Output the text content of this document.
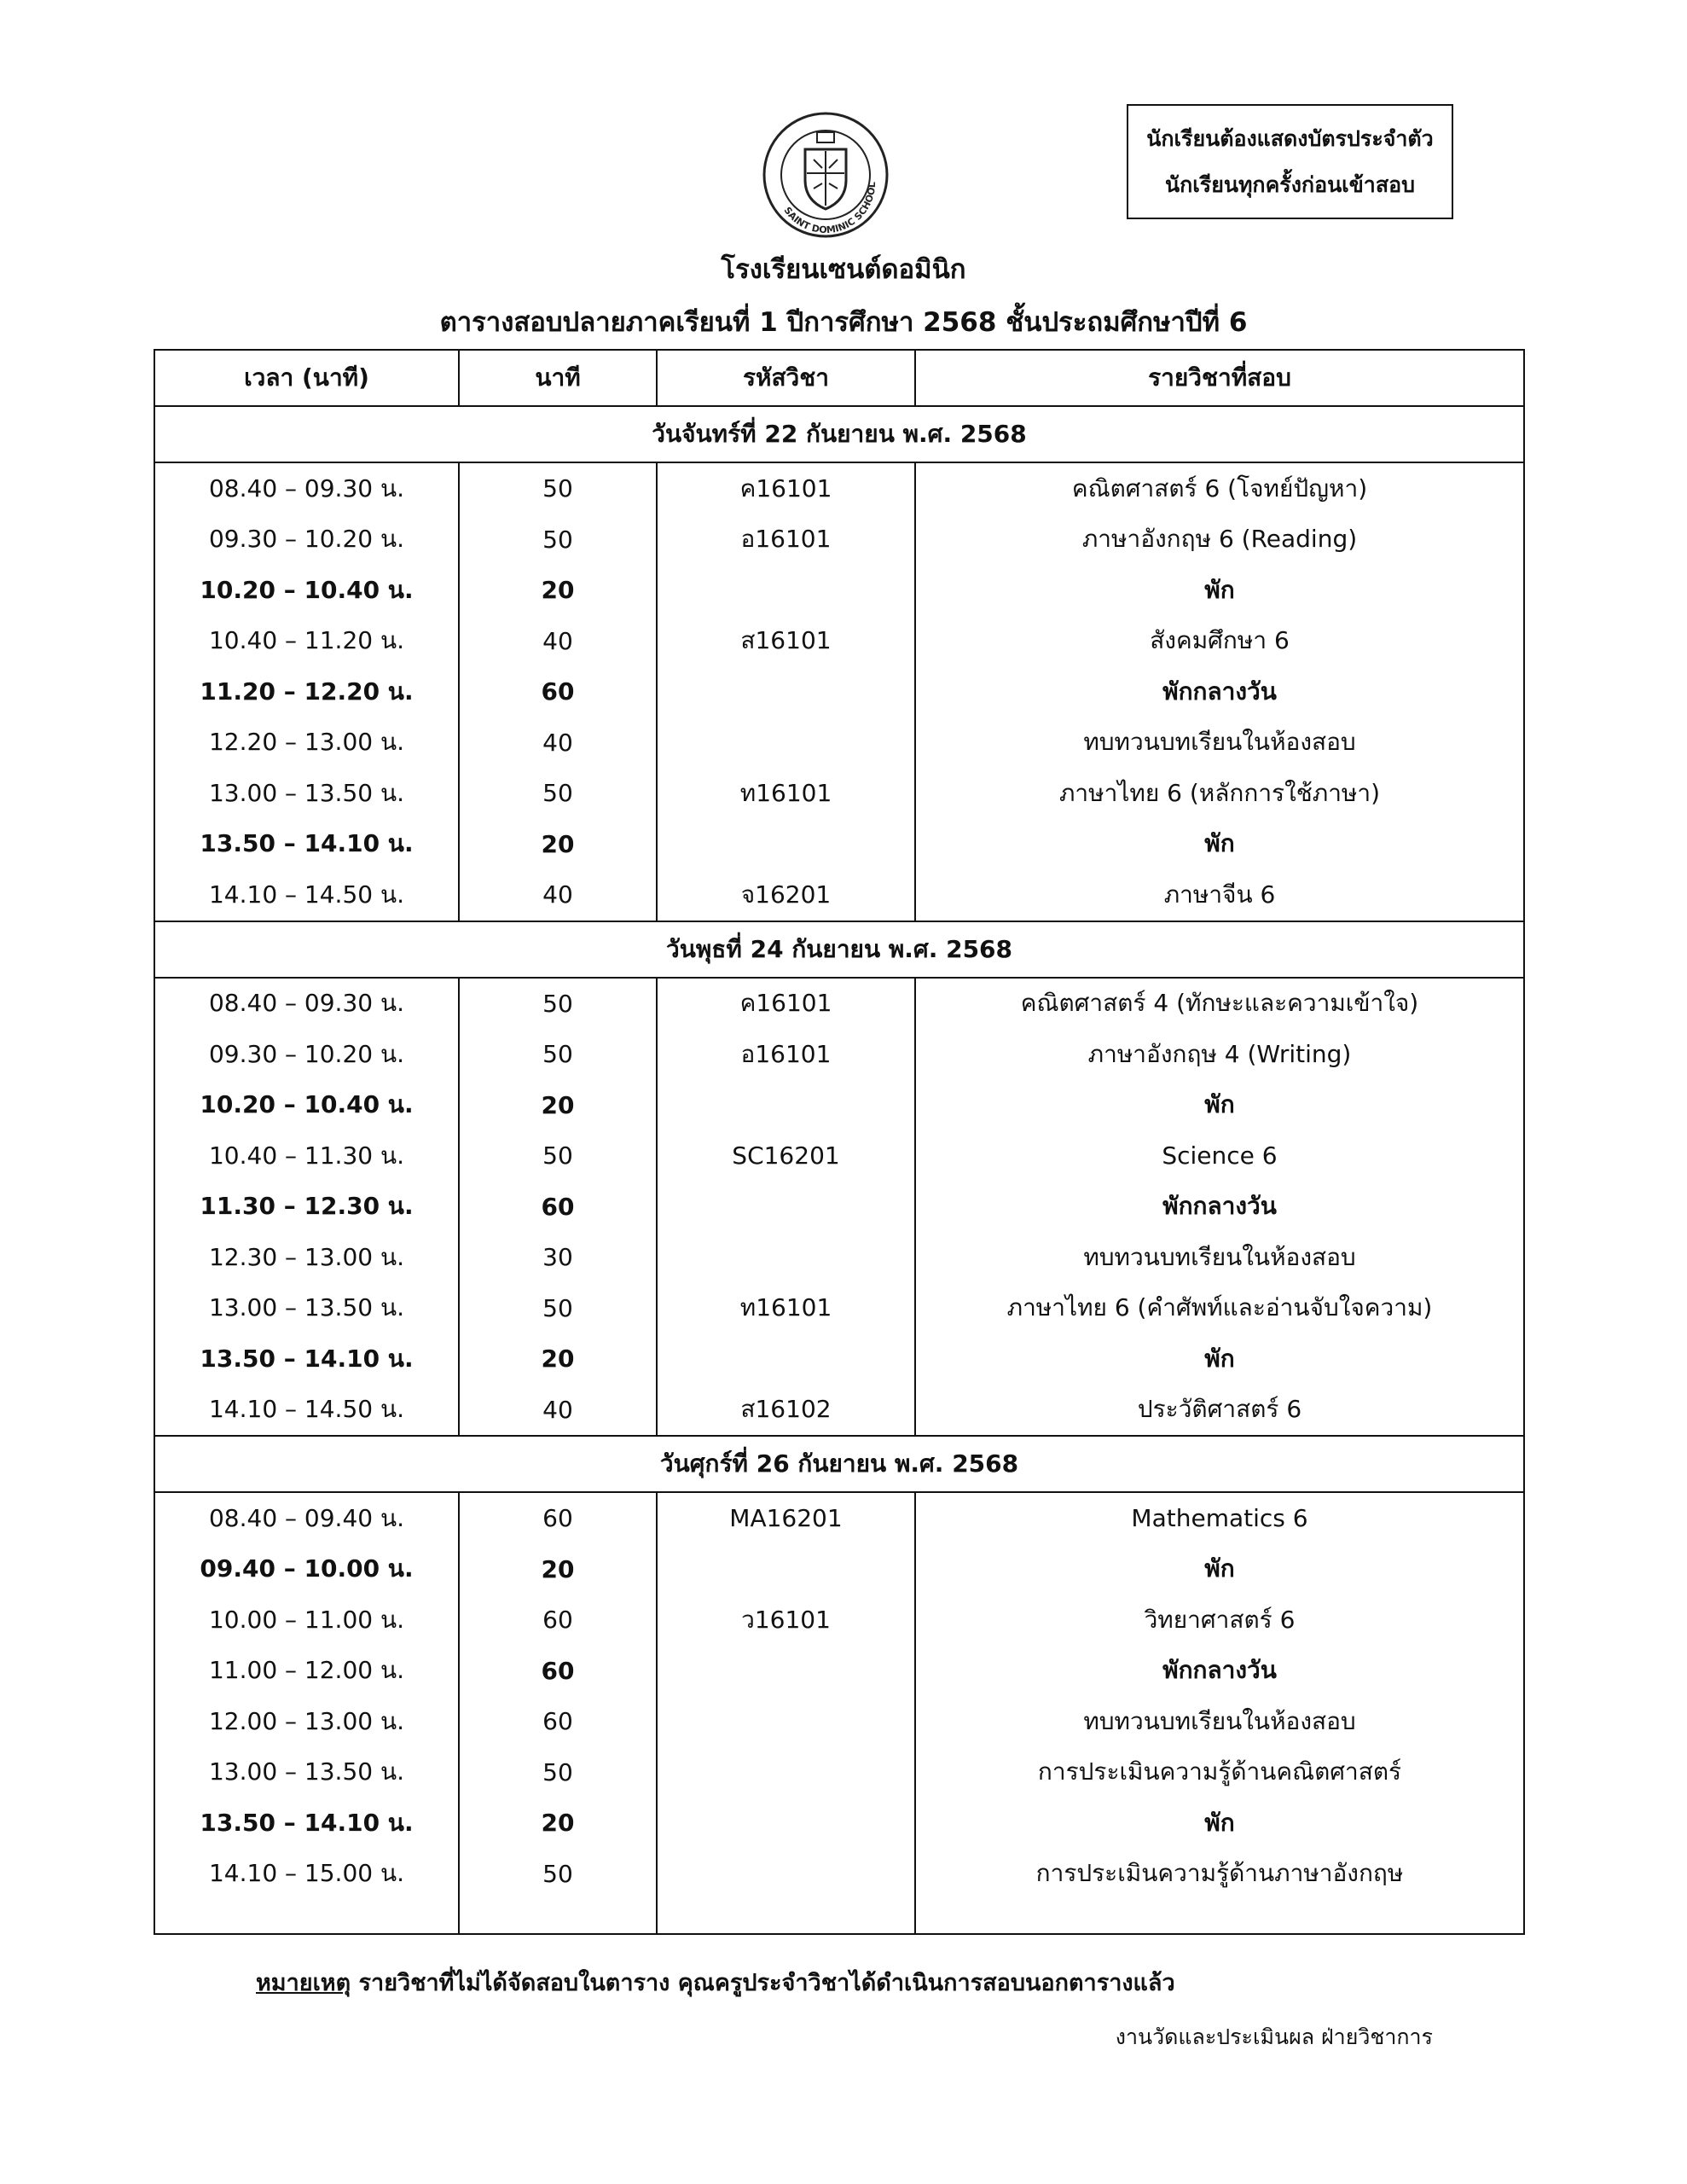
นักเรียนต้องแสดงบัตรประจำตัว
นักเรียนทุกครั้งก่อนเข้าสอบ
SAINT DOMINIC SCHOOL
โรงเรียนเซนต์ดอมินิก
ตารางสอบปลายภาคเรียนที่ 1 ปีการศึกษา 2568 ชั้นประถมศึกษาปีที่ 6
เวลา (นาที)	นาที	รหัสวิชา	รายวิชาที่สอบ
วันจันทร์ที่ 22 กันยายน พ.ศ. 2568			
08.40 – 09.30 น.	50	ค16101	คณิตศาสตร์ 6 (โจทย์ปัญหา)
09.30 – 10.20 น.	50	อ16101	ภาษาอังกฤษ 6 (Reading)
10.20 – 10.40 น.	20		พัก
10.40 – 11.20 น.	40	ส16101	สังคมศึกษา 6
11.20 – 12.20 น.	60		พักกลางวัน
12.20 – 13.00 น.	40		ทบทวนบทเรียนในห้องสอบ
13.00 – 13.50 น.	50	ท16101	ภาษาไทย 6 (หลักการใช้ภาษา)
13.50 – 14.10 น.	20		พัก
14.10 – 14.50 น.	40	จ16201	ภาษาจีน 6
วันพุธที่ 24 กันยายน พ.ศ. 2568			
08.40 – 09.30 น.	50	ค16101	คณิตศาสตร์ 4 (ทักษะและความเข้าใจ)
09.30 – 10.20 น.	50	อ16101	ภาษาอังกฤษ 4 (Writing)
10.20 – 10.40 น.	20		พัก
10.40 – 11.30 น.	50	SC16201	Science 6
11.30 – 12.30 น.	60		พักกลางวัน
12.30 – 13.00 น.	30		ทบทวนบทเรียนในห้องสอบ
13.00 – 13.50 น.	50	ท16101	ภาษาไทย 6 (คำศัพท์และอ่านจับใจความ)
13.50 – 14.10 น.	20		พัก
14.10 – 14.50 น.	40	ส16102	ประวัติศาสตร์ 6
วันศุกร์ที่ 26 กันยายน พ.ศ. 2568			
08.40 – 09.40 น.	60	MA16201	Mathematics 6
09.40 – 10.00 น.	20		พัก
10.00 – 11.00 น.	60	ว16101	วิทยาศาสตร์ 6
11.00 – 12.00 น.	60		พักกลางวัน
12.00 – 13.00 น.	60		ทบทวนบทเรียนในห้องสอบ
13.00 – 13.50 น.	50		การประเมินความรู้ด้านคณิตศาสตร์
13.50 – 14.10 น.	20		พัก
14.10 – 15.00 น.	50		การประเมินความรู้ด้านภาษาอังกฤษ

หมายเหตุ รายวิชาที่ไม่ได้จัดสอบในตาราง คุณครูประจำวิชาได้ดำเนินการสอบนอกตารางแล้ว
งานวัดและประเมินผล ฝ่ายวิชาการ
